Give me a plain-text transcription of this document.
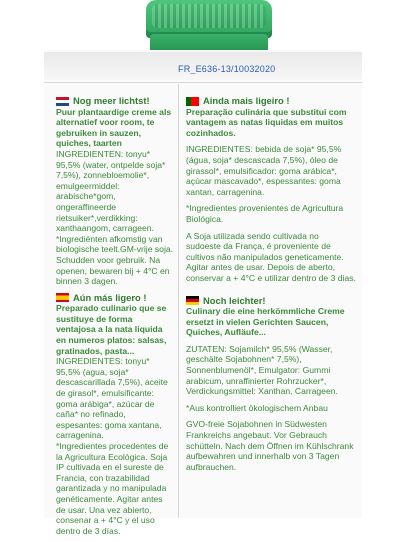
FR_E636-13/10032020
Nog meer lichtst!
Puur plantaardige creme als alternatief voor room, te gebruiken in sauzen, quiches, taarten
INGREDIENTEN: tonyu* 95,5% (water, ontpelde soja* 7,5%), zonnebloemolie*, emulgeermiddel: arabische*gom, ongeraffineerde rietsuiker*,verdikking: xanthaangom, carrageen.
*Ingrediënten afkomstig van biologische teelt.GM-vrije soja. Schudden voor gebruik. Na openen, bewaren bij + 4°C en binnen 3 dagen.
Aún más ligero !
Preparado culinario que se sustituye de forma ventajosa a la nata liquida en numeros platos: salsas, gratinados, pasta...
INGREDIENTES: tonyu* 95,5% (agua, soja* descascarillada 7,5%), aceite de girasol*, emulsificante: goma arábiga*, azúcar de caña* no refinado, espesantes: goma xantana, carragenina.
*Ingredientes procedentes de la Agricultura Ecológica. Soja IP cultivada en el sureste de Francia, con trazabilidad garantizada y no manipulada genéticamente. Agitar antes de usar. Una vez abierto, consenar a + 4°C y el uso dentro de 3 días.
Ainda mais ligeiro !
Preparação culinária que substitui com vantagem as natas liquidas em muitos cozinhados.
INGREDIENTES: bebida de soja* 95,5% (água, soja* descascada 7,5%), óleo de girassol*, emulsificador: goma arábica*, açúcar mascavado*, espessantes: goma xantan, carragenina.
*Ingredientes provenientes de Agricultura Biológica.
A Soja utilizada sendo cultivada no sudoeste da França, é proveniente de cultivos não manipulados geneticamente. Agitar antes de usar. Depois de aberto, conservar a + 4°C e utilizar dentro de 3 dias.
Noch leichter!
Culinary die eine herkömmliche Creme ersetzt in vielen Gerichten Saucen, Quiches, Aufläufe...
ZUTATEN: Sojamilch* 95,5% (Wasser, geschälte Sojabohnen* 7,5%), Sonnenblumenöl*, Emulgator: Gummi arabicum, unraffinierter Rohrzucker*, Verdickungsmittel: Xanthan, Carrageen.
*Aus kontrolliert ökologischem Anbau
GVO-freie Sojabohnen in Südwesten Frankreichs angebaut. Vor Gebrauch schütteln. Nach dem Öffnen im Kühlschrank aufbewahren und innerhalb von 3 Tagen aufbrauchen.
